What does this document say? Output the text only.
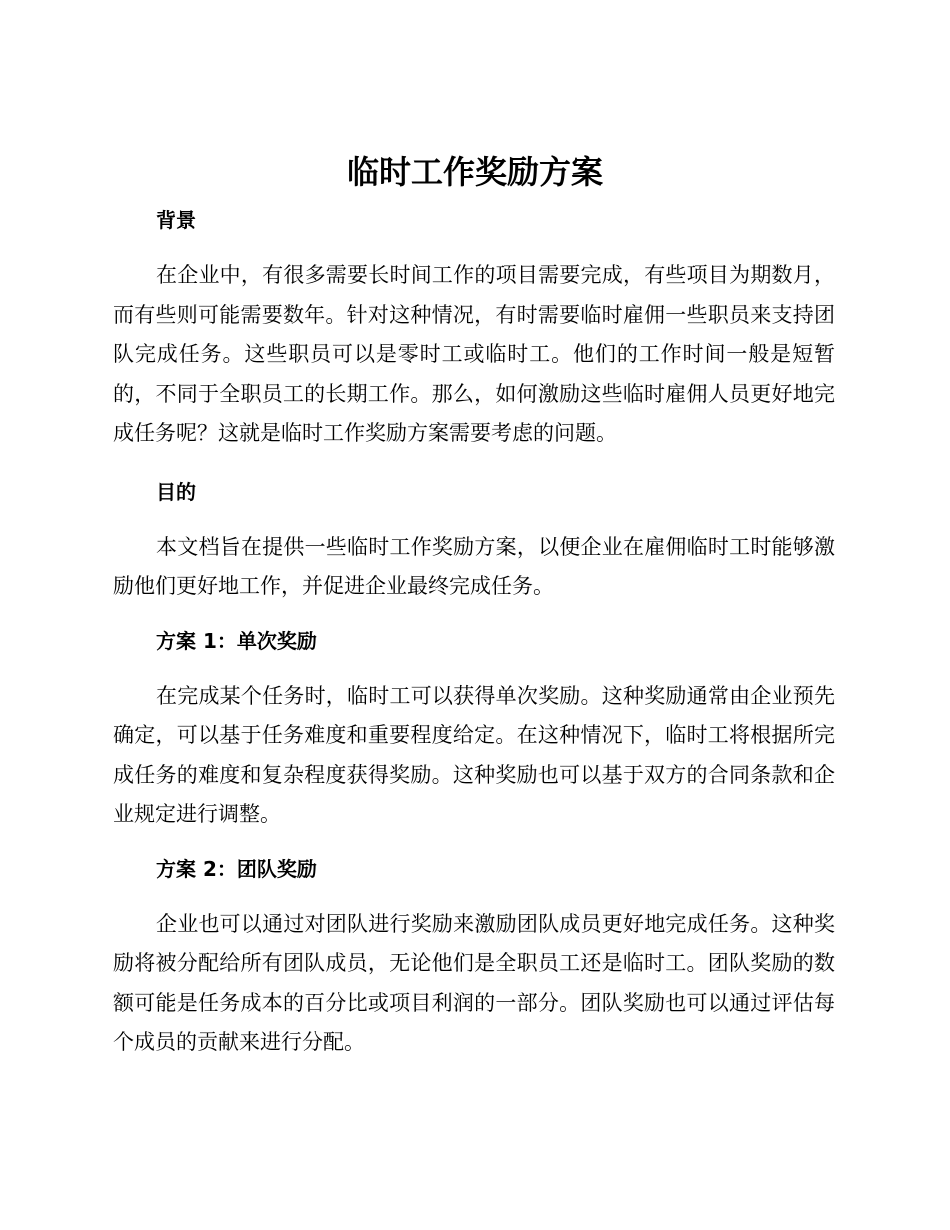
临时工作奖励方案
背景

在企业中，有很多需要长时间工作的项目需要完成，有些项目为期数月，而有些则可能需要数年。针对这种情况，有时需要临时雇佣一些职员来支持团队完成任务。这些职员可以是零时工或临时工。他们的工作时间一般是短暂的，不同于全职员工的长期工作。那么，如何激励这些临时雇佣人员更好地完成任务呢？这就是临时工作奖励方案需要考虑的问题。

目的

本文档旨在提供一些临时工作奖励方案，以便企业在雇佣临时工时能够激励他们更好地工作，并促进企业最终完成任务。

方案 1：单次奖励

在完成某个任务时，临时工可以获得单次奖励。这种奖励通常由企业预先确定，可以基于任务难度和重要程度给定。在这种情况下，临时工将根据所完成任务的难度和复杂程度获得奖励。这种奖励也可以基于双方的合同条款和企业规定进行调整。

方案 2：团队奖励

企业也可以通过对团队进行奖励来激励团队成员更好地完成任务。这种奖励将被分配给所有团队成员，无论他们是全职员工还是临时工。团队奖励的数额可能是任务成本的百分比或项目利润的一部分。团队奖励也可以通过评估每个成员的贡献来进行分配。
